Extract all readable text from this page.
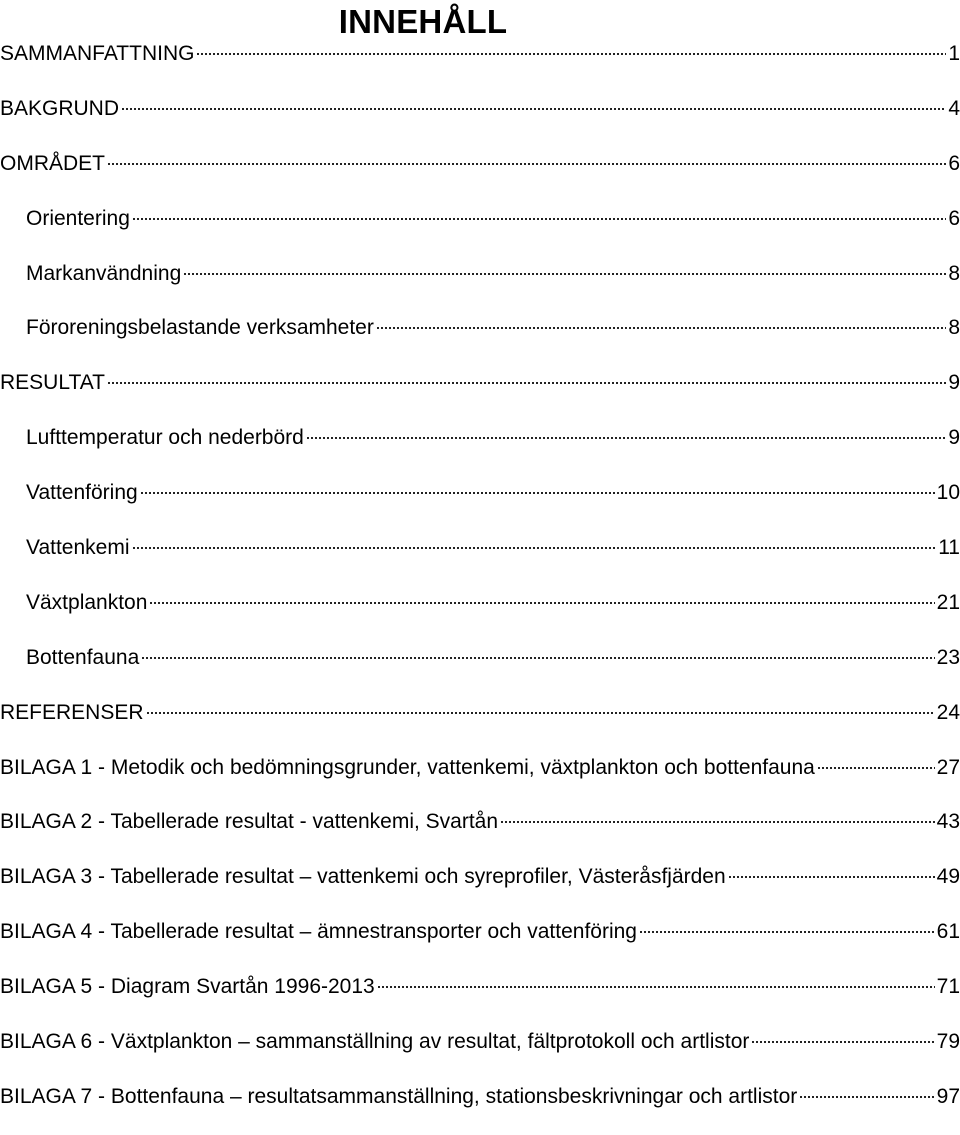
INNEHÅLL
SAMMANFATTNING	1
BAKGRUND	4
OMRÅDET	6
Orientering	6
Markanvändning	8
Föroreningsbelastande verksamheter	8
RESULTAT	9
Lufttemperatur och nederbörd	9
Vattenföring	10
Vattenkemi	11
Växtplankton	21
Bottenfauna	23
REFERENSER	24
BILAGA 1 - Metodik och bedömningsgrunder, vattenkemi, växtplankton och bottenfauna	27
BILAGA 2 - Tabellerade resultat - vattenkemi, Svartån	43
BILAGA 3 - Tabellerade resultat – vattenkemi och syreprofiler, Västeråsfjärden	49
BILAGA 4 - Tabellerade resultat – ämnestransporter och vattenföring	61
BILAGA 5 - Diagram Svartån 1996-2013	71
BILAGA 6 - Växtplankton – sammanställning av resultat, fältprotokoll och artlistor	79
BILAGA 7 - Bottenfauna – resultatsammanställning, stationsbeskrivningar och artlistor	97
